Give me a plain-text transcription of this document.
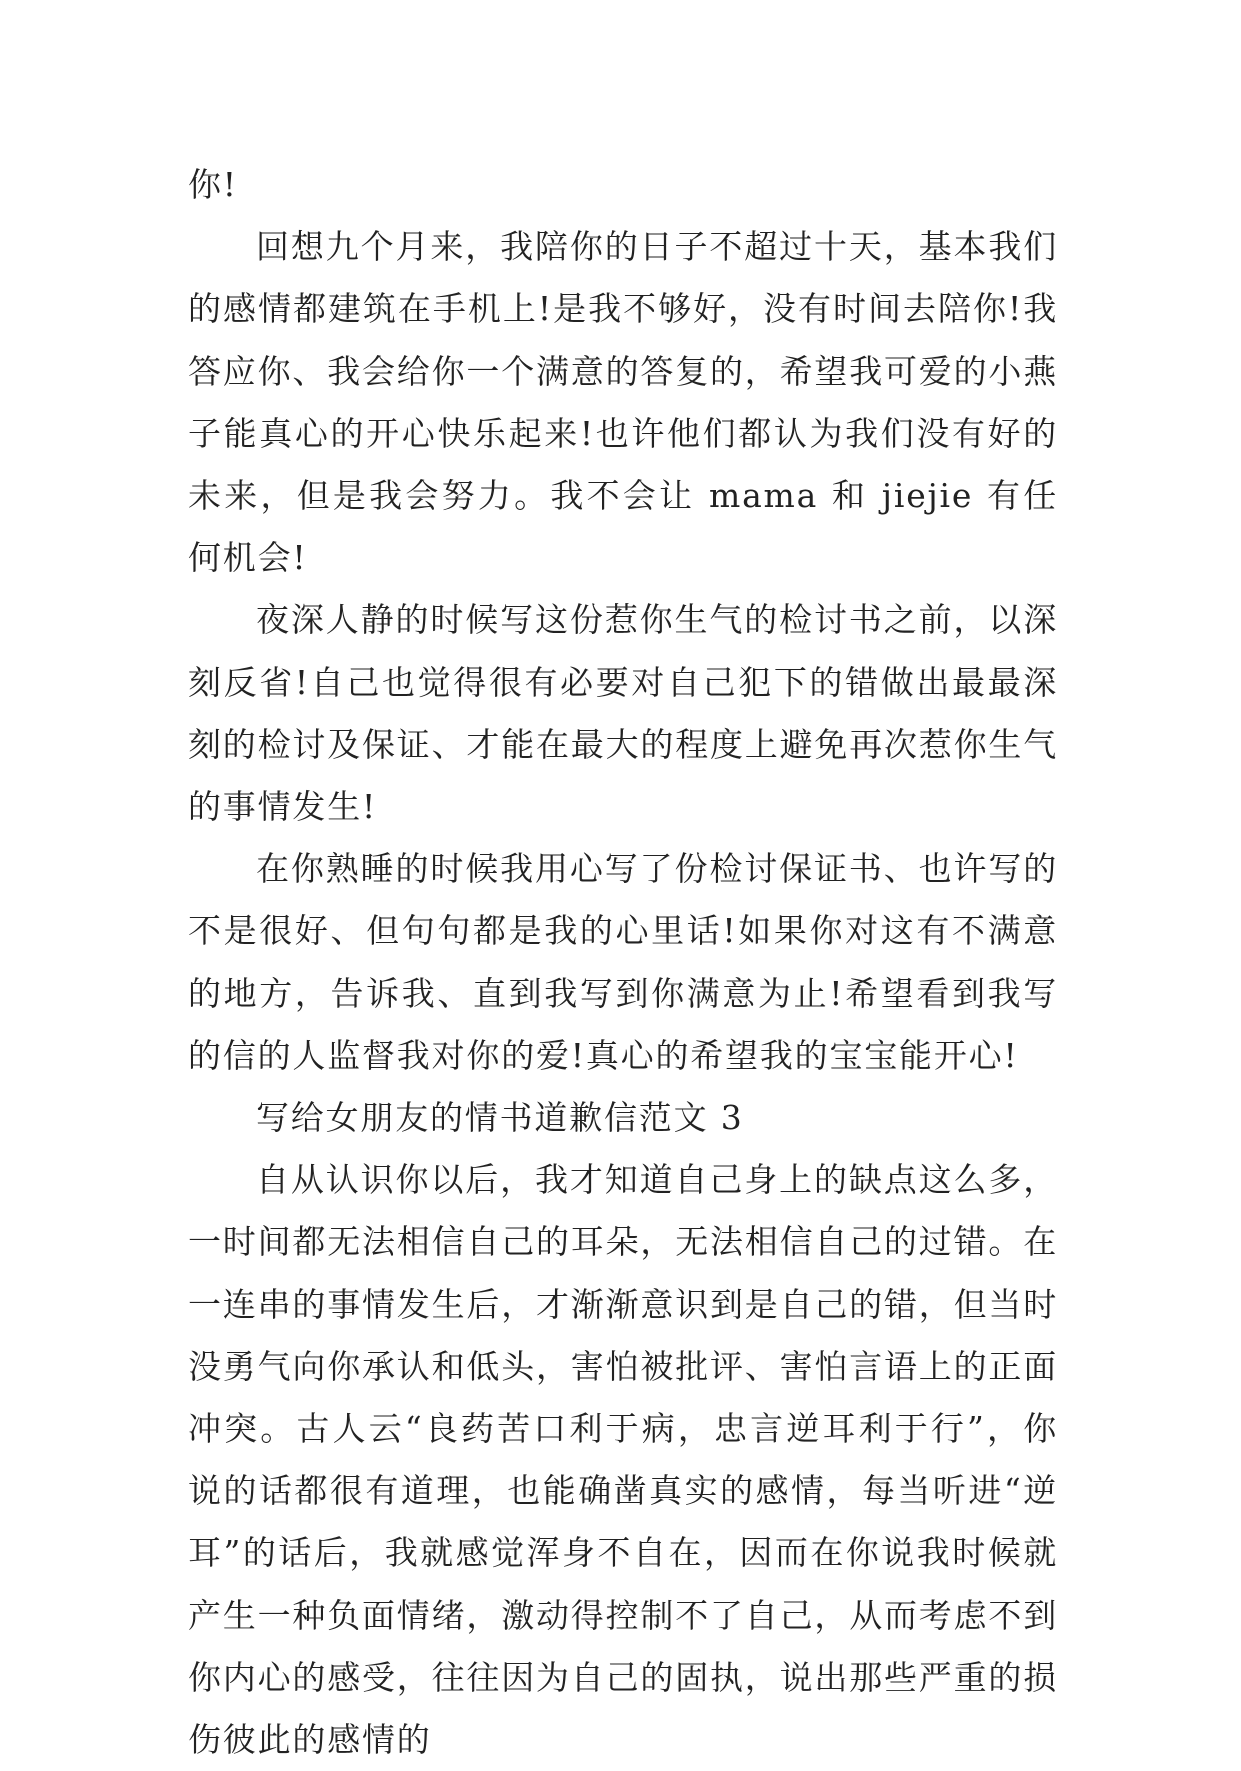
你!

回想九个月来，我陪你的日子不超过十天，基本我们的感情都建筑在手机上!是我不够好，没有时间去陪你!我答应你、我会给你一个满意的答复的，希望我可爱的小燕子能真心的开心快乐起来!也许他们都认为我们没有好的未来，但是我会努力。我不会让 mama 和 jiejie 有任何机会!

夜深人静的时候写这份惹你生气的检讨书之前，以深刻反省!自己也觉得很有必要对自己犯下的错做出最最深刻的检讨及保证、才能在最大的程度上避免再次惹你生气的事情发生!

在你熟睡的时候我用心写了份检讨保证书、也许写的不是很好、但句句都是我的心里话!如果你对这有不满意的地方，告诉我、直到我写到你满意为止!希望看到我写的信的人监督我对你的爱!真心的希望我的宝宝能开心!

写给女朋友的情书道歉信范文 3

自从认识你以后，我才知道自己身上的缺点这么多，一时间都无法相信自己的耳朵，无法相信自己的过错。在一连串的事情发生后，才渐渐意识到是自己的错，但当时没勇气向你承认和低头，害怕被批评、害怕言语上的正面冲突。古人云“良药苦口利于病，忠言逆耳利于行”，你说的话都很有道理，也能确凿真实的感情，每当听进“逆耳”的话后，我就感觉浑身不自在，因而在你说我时候就产生一种负面情绪，激动得控制不了自己，从而考虑不到你内心的感受，往往因为自己的固执，说出那些严重的损伤彼此的感情的
